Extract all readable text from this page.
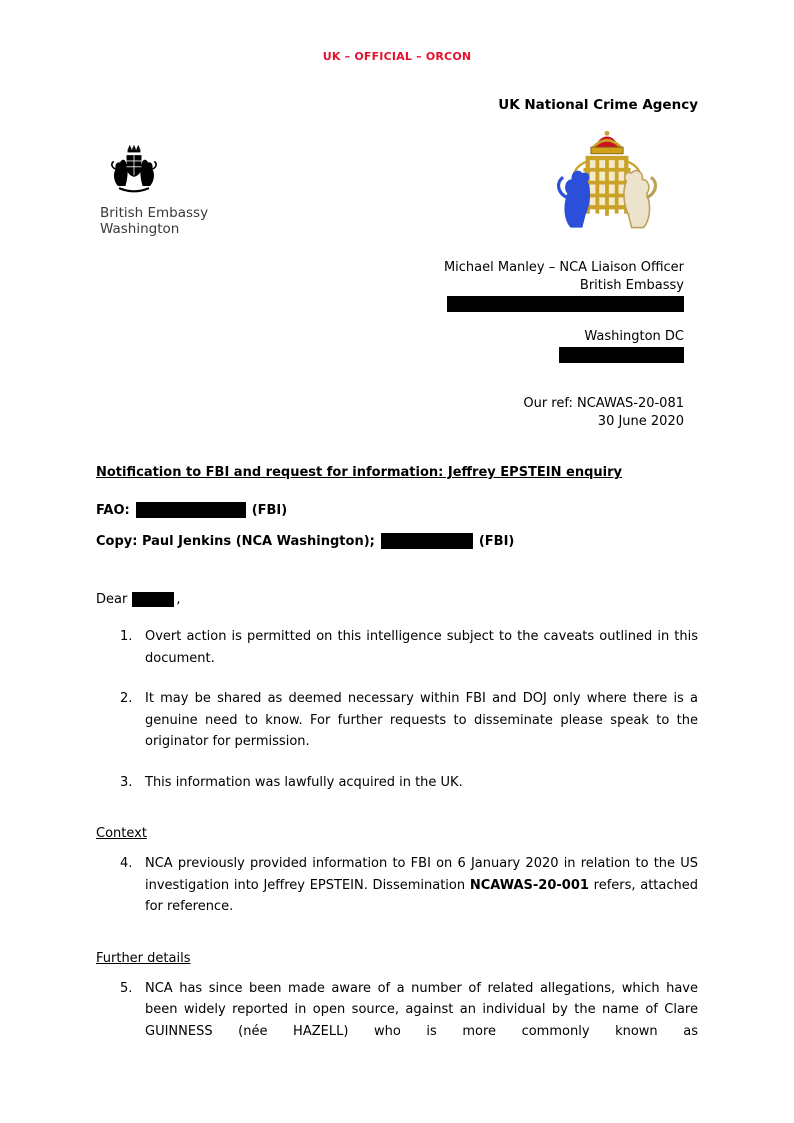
UK – OFFICIAL – ORCON
UK National Crime Agency
British Embassy
Washington
Michael Manley – NCA Liaison Officer
British Embassy
Washington DC
Our ref: NCAWAS-20-081
30 June 2020
Notification to FBI and request for information: Jeffrey EPSTEIN enquiry
FAO:	(FBI)
Copy: Paul Jenkins (NCA Washington);	(FBI)
Dear	,
1. Overt action is permitted on this intelligence subject to the caveats outlined in this document.
2. It may be shared as deemed necessary within FBI and DOJ only where there is a genuine need to know. For further requests to disseminate please speak to the originator for permission.
3. This information was lawfully acquired in the UK.
Context
4. NCA previously provided information to FBI on 6 January 2020 in relation to the US investigation into Jeffrey EPSTEIN. Dissemination NCAWAS-20-001 refers, attached for reference.
Further details
5. NCA has since been made aware of a number of related allegations, which have been widely reported in open source, against an individual by the name of Clare GUINNESS (née HAZELL) who is more commonly known as
